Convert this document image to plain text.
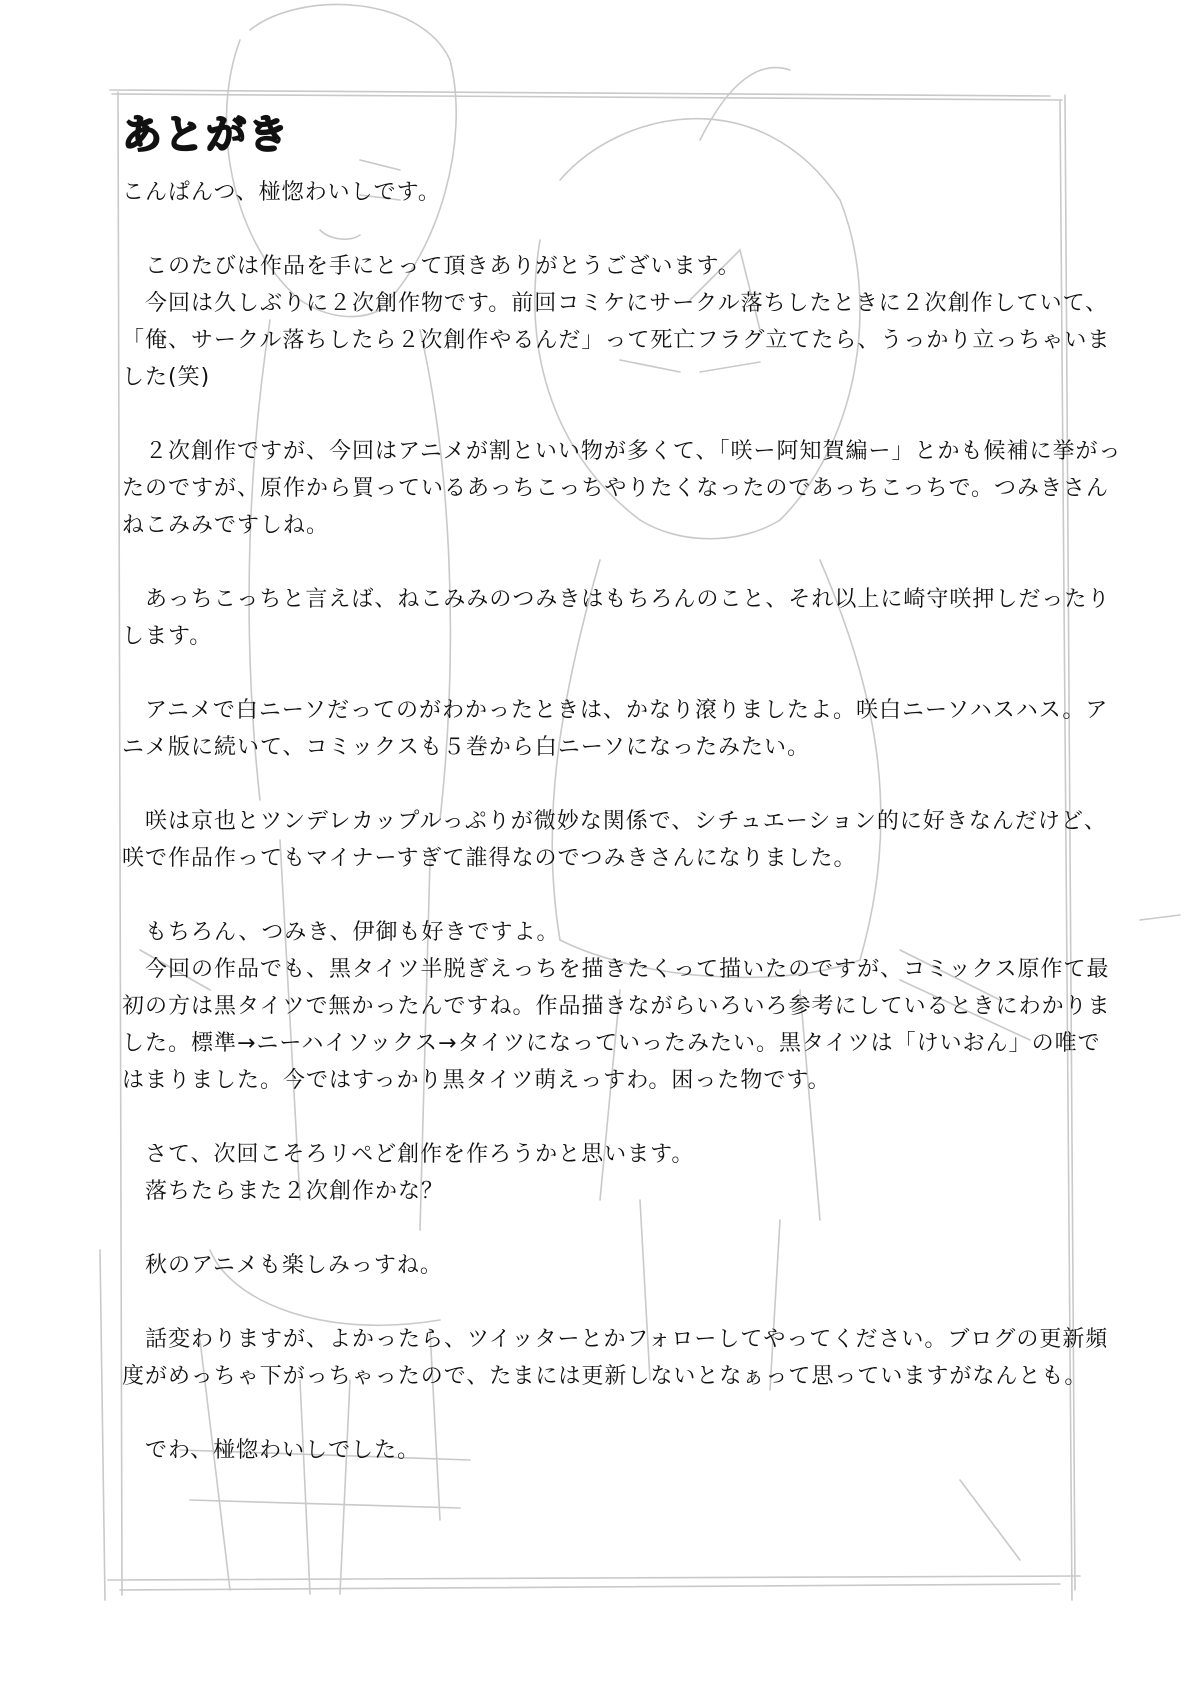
あとがき

こんぱんつ、椪惚わいしです。

　このたびは作品を手にとって頂きありがとうございます。

　今回は久しぶりに２次創作物です。前回コミケにサークル落ちしたときに２次創作していて、「俺、サークル落ちしたら２次創作やるんだ」って死亡フラグ立てたら、うっかり立っちゃいました(笑)

　２次創作ですが、今回はアニメが割といい物が多くて、「咲ー阿知賀編ー」とかも候補に挙がったのですが、原作から買っているあっちこっちやりたくなったのであっちこっちで。つみきさんねこみみですしね。

　あっちこっちと言えば、ねこみみのつみきはもちろんのこと、それ以上に崎守咲押しだったりします。

　アニメで白ニーソだってのがわかったときは、かなり滾りましたよ。咲白ニーソハスハス。アニメ版に続いて、コミックスも５巻から白ニーソになったみたい。

　咲は京也とツンデレカップルっぷりが微妙な関係で、シチュエーション的に好きなんだけど、咲で作品作ってもマイナーすぎて誰得なのでつみきさんになりました。

　もちろん、つみき、伊御も好きですよ。

　今回の作品でも、黒タイツ半脱ぎえっちを描きたくって描いたのですが、コミックス原作て最初の方は黒タイツで無かったんですね。作品描きながらいろいろ参考にしているときにわかりました。標準→ニーハイソックス→タイツになっていったみたい。黒タイツは「けいおん」の唯ではまりました。今ではすっかり黒タイツ萌えっすわ。困った物です。

　さて、次回こそろリペど創作を作ろうかと思います。

　落ちたらまた２次創作かな？

　秋のアニメも楽しみっすね。

　話変わりますが、よかったら、ツイッターとかフォローしてやってください。ブログの更新頻度がめっちゃ下がっちゃったので、たまには更新しないとなぁって思っていますがなんとも。

　でわ、椪惚わいしでした。
